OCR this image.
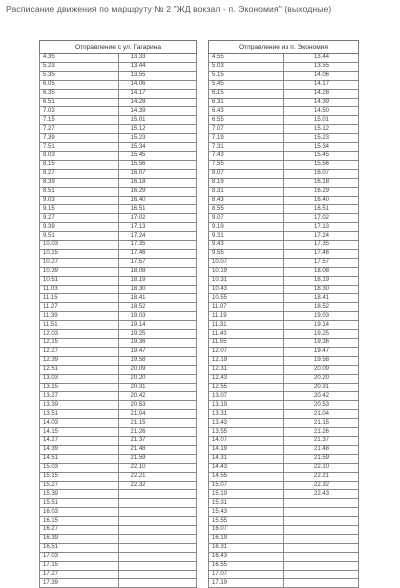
Расписание движения по маршруту № 2 "ЖД вокзал - п. Экономия" (выходные)
Отправление с ул. Гагарина	
4.35	13.33
5.23	13.44
5.35	13.55
6.05	14.06
6.35	14.17
6.51	14.28
7.03	14.39
7.15	15.01
7.27	15.12
7.39	15.23
7.51	15.34
8.03	15.45
8.15	15.56
8.27	16.07
8.39	16.18
8.51	16.29
9.03	16.40
9.15	16.51
9.27	17.02
9.39	17.13
9.51	17.24
10.03	17.35
10.15	17.46
10.27	17.57
10.39	18.08
10.51	18.19
11.03	18.30
11.15	18.41
11.27	18.52
11.39	19.03
11.51	19.14
12.03	19.25
12.15	19.36
12.27	19.47
12.39	19.58
12.51	20.09
13.03	20.20
13.15	20.31
13.27	20.42
13.39	20.53
13.51	21.04
14.03	21.15
14.15	21.26
14.27	21.37
14.39	21.48
14.51	21.59
15.03	22.10
15.15	22.21
15.27	22.32
15.39	
15.51	
16.03	
16.15	
16.27	
16.39	
16.51	
17.03	
17.15	
17.27	
17.39	
Отправление из п. Экономия	
4.55	13.44
5.03	13.55
5.15	14.06
5.45	14.17
6.15	14.28
6.31	14.39
6.43	14.50
6.55	15.01
7.07	15.12
7.19	15.23
7.31	15.34
7.43	15.45
7.55	15.56
8.07	16.07
8.19	16.18
8.31	16.29
8.43	16.40
8.55	16.51
9.07	17.02
9.19	17.13
9.31	17.24
9.43	17.35
9.55	17.46
10.07	17.57
10.19	18.08
10.31	18.19
10.43	18.30
10.55	18.41
11.07	18.52
11.19	19.03
11.31	19.14
11.43	19.25
11.55	19.36
12.07	19.47
12.19	19.58
12.31	20.09
12.43	20.20
12.55	20.31
13.07	20.42
13.19	20.53
13.31	21.04
13.43	21.15
13.55	21.26
14.07	21.37
14.19	21.48
14.31	21.59
14.43	22.10
14.55	22.21
15.07	22.32
15.19	22.43
15.31	
15.43	
15.55	
16.07	
16.19	
16.31	
16.43	
16.55	
17.07	
17.19	
